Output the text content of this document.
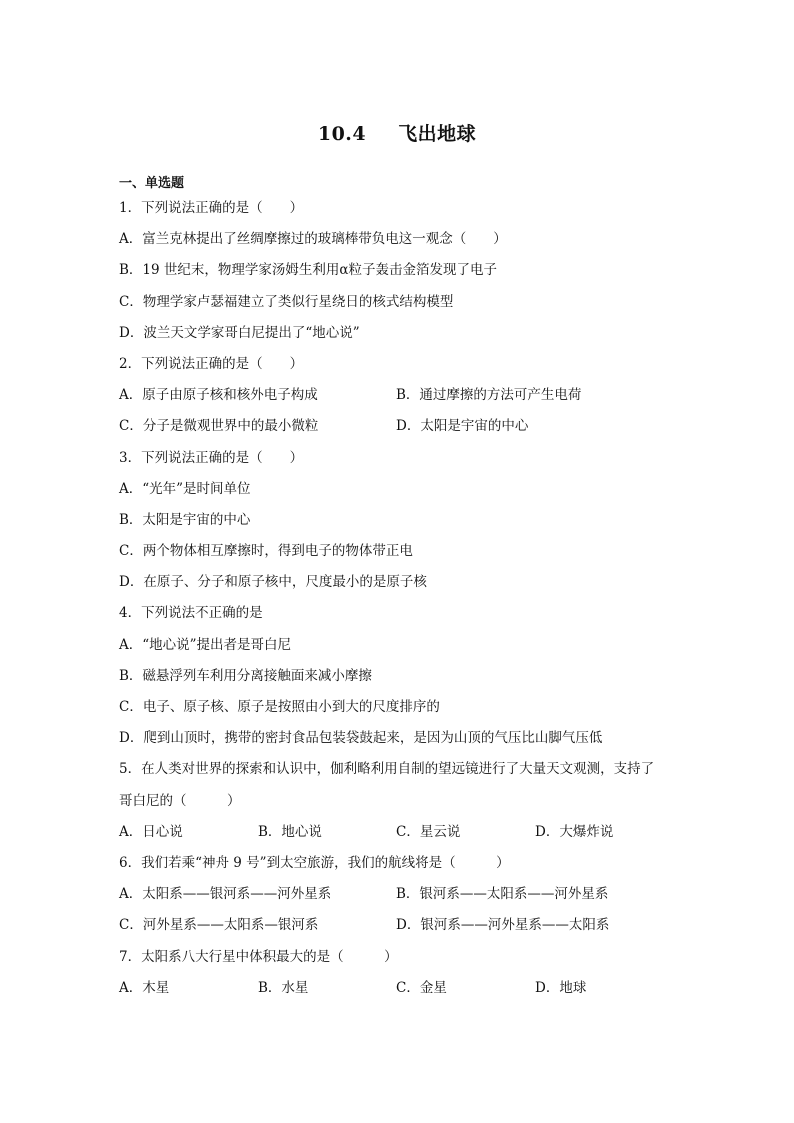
10.4 飞出地球
一、单选题
1．下列说法正确的是（　　）
A．富兰克林提出了丝绸摩擦过的玻璃棒带负电这一观念（　　）
B．19 世纪末，物理学家汤姆生利用α粒子轰击金箔发现了电子
C．物理学家卢瑟福建立了类似行星绕日的核式结构模型
D．波兰天文学家哥白尼提出了“地心说”
2．下列说法正确的是（　　）
A．原子由原子核和核外电子构成	B．通过摩擦的方法可产生电荷
C．分子是微观世界中的最小微粒	D．太阳是宇宙的中心
3．下列说法正确的是（　　）
A．“光年”是时间单位
B．太阳是宇宙的中心
C．两个物体相互摩擦时，得到电子的物体带正电
D．在原子、分子和原子核中，尺度最小的是原子核
4．下列说法不正确的是
A．“地心说”提出者是哥白尼
B．磁悬浮列车利用分离接触面来减小摩擦
C．电子、原子核、原子是按照由小到大的尺度排序的
D．爬到山顶时，携带的密封食品包装袋鼓起来，是因为山顶的气压比山脚气压低
5．在人类对世界的探索和认识中，伽利略利用自制的望远镜进行了大量天文观测，支持了
哥白尼的（　　　）
A．日心说	B．地心说	C．星云说	D．大爆炸说
6．我们若乘“神舟 9 号”到太空旅游，我们的航线将是（　　　）
A．太阳系——银河系——河外星系	B．银河系——太阳系——河外星系
C．河外星系——太阳系—银河系	D．银河系——河外星系——太阳系
7．太阳系八大行星中体积最大的是（　　　）
A．木星	B．水星	C．金星	D．地球
